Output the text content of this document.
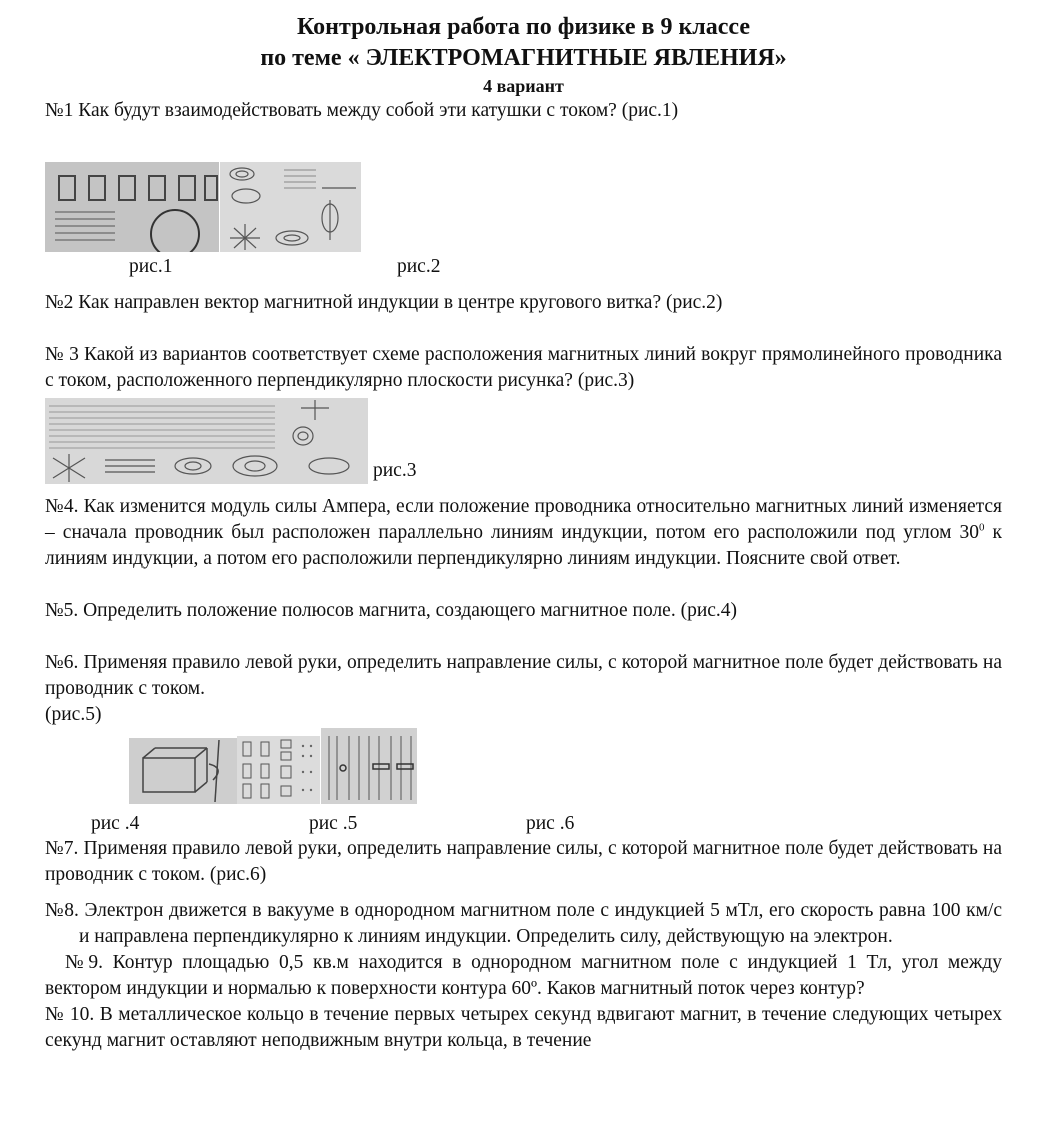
Контрольная работа по физике в 9 классе
по теме « ЭЛЕКТРОМАГНИТНЫЕ ЯВЛЕНИЯ»
4 вариант

№1 Как будут взаимодействовать между собой эти катушки с током? (рис.1)

рис.1	рис.2

№2 Как направлен вектор магнитной индукции в центре кругового витка? (рис.2)

№ 3 Какой из вариантов соответствует схеме расположения магнитных линий вокруг прямолинейного проводника с током, расположенного перпендикулярно плоскости рисунка? (рис.3)

рис.3

№4. Как изменится модуль силы Ампера, если положение проводника относительно магнитных линий изменяется – сначала проводник был расположен параллельно линиям индукции, потом его расположили под углом $30^0$ к линиям индукции, а потом его расположили перпендикулярно линиям индукции. Поясните свой ответ.

№5. Определить положение полюсов магнита, создающего магнитное поле. (рис.4)

№6. Применяя правило левой руки, определить направление силы, с которой магнитное поле будет действовать на проводник с током.

(рис.5)

рис .4	рис .5	рис .6

№7. Применяя правило левой руки, определить направление силы, с которой магнитное поле будет действовать на проводник с током. (рис.6)

№8. Электрон движется в вакууме в однородном магнитном поле с индукцией 5 мТл, его скорость равна 100 км/с и направлена перпендикулярно к линиям индукции. Определить силу, действующую на электрон.

№9. Контур площадью 0,5 кв.м находится в однородном магнитном поле с индукцией 1 Тл, угол между вектором индукции и нормалью к поверхности контура 60º. Каков магнитный поток через контур?

№ 10. В металлическое кольцо в течение первых четырех секунд вдвигают магнит, в течение следующих четырех секунд магнит оставляют неподвижным внутри кольца, в течение
